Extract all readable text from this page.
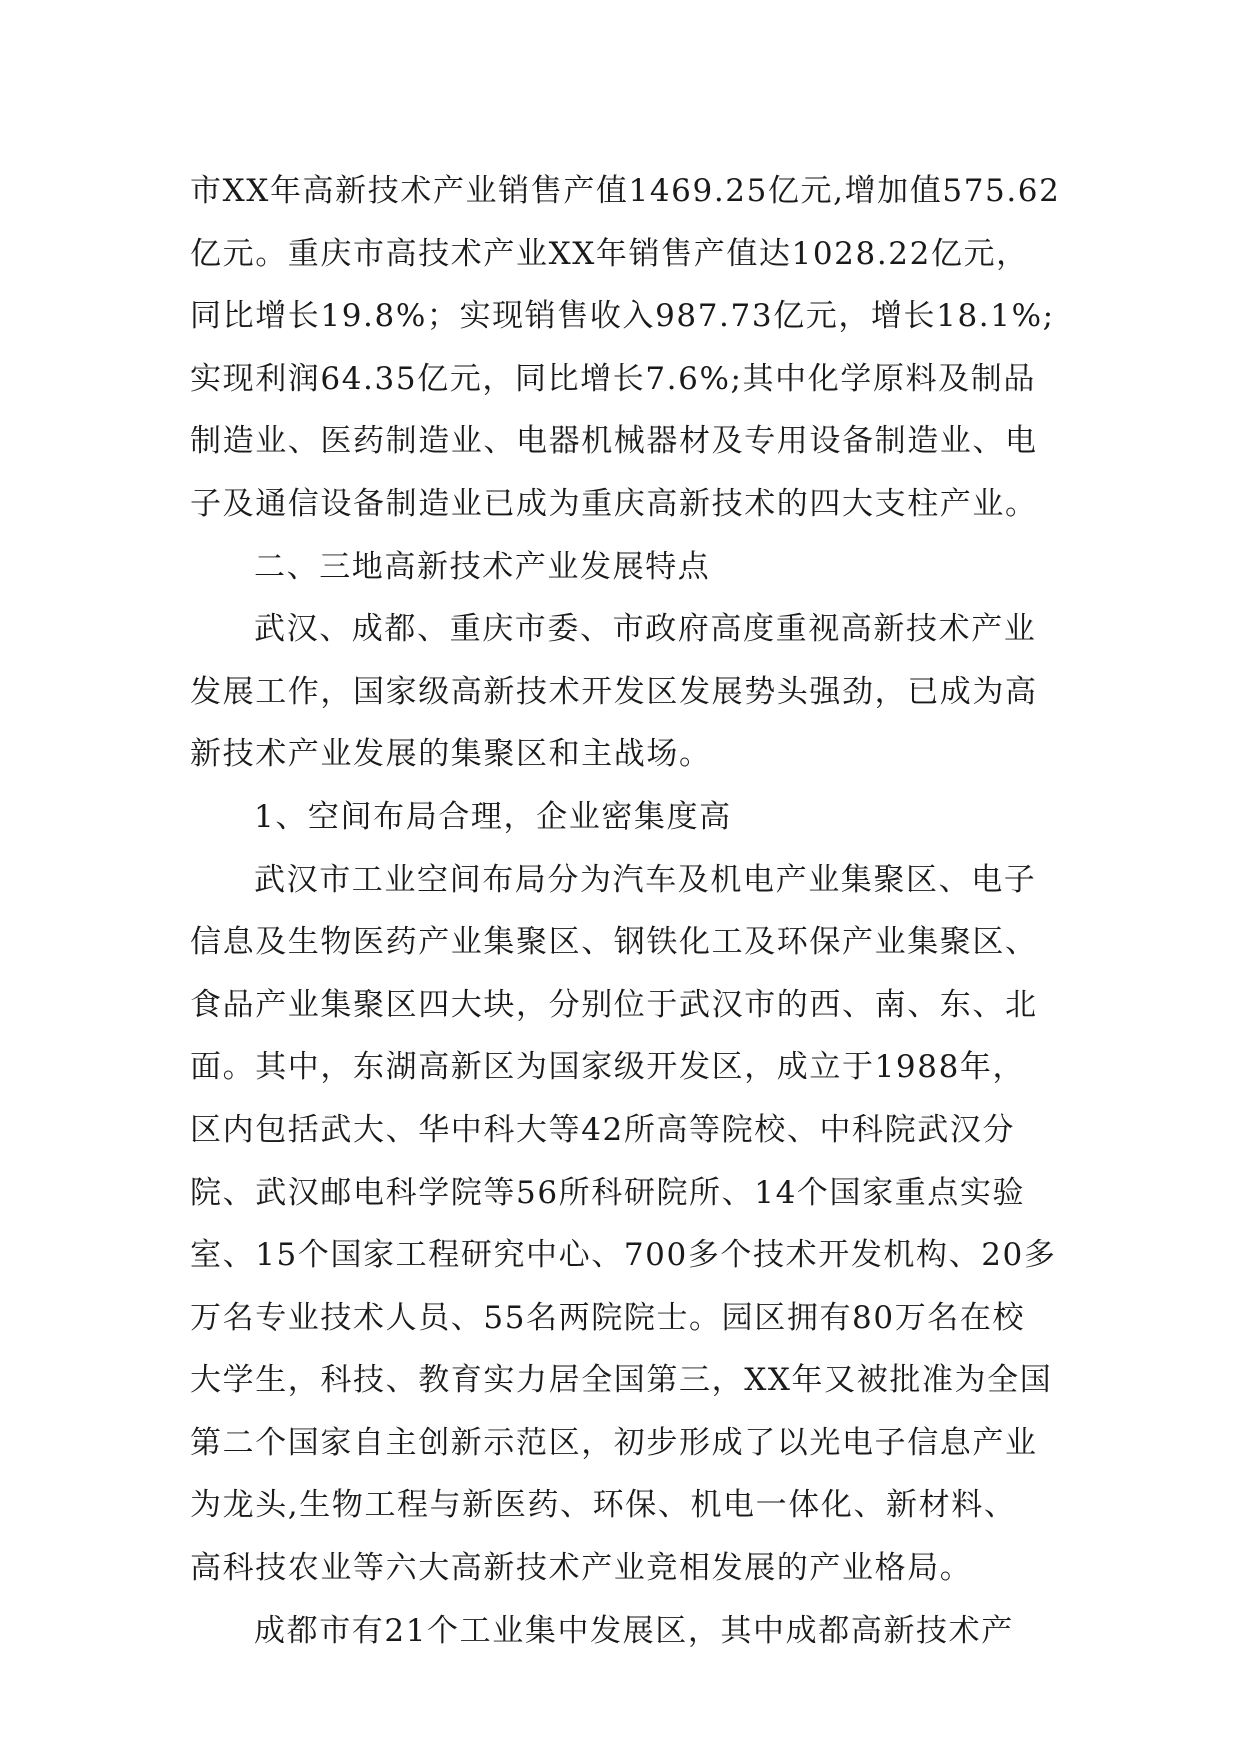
市XX年高新技术产业销售产值1469.25亿元,增加值575.62
亿元。重庆市高技术产业XX年销售产值达1028.22亿元，
同比增长19.8%；实现销售收入987.73亿元，增长18.1%;
实现利润64.35亿元，同比增长7.6%;其中化学原料及制品
制造业、医药制造业、电器机械器材及专用设备制造业、电
子及通信设备制造业已成为重庆高新技术的四大支柱产业。
二、三地高新技术产业发展特点
武汉、成都、重庆市委、市政府高度重视高新技术产业
发展工作，国家级高新技术开发区发展势头强劲，已成为高
新技术产业发展的集聚区和主战场。
1、空间布局合理，企业密集度高
武汉市工业空间布局分为汽车及机电产业集聚区、电子
信息及生物医药产业集聚区、钢铁化工及环保产业集聚区、
食品产业集聚区四大块，分别位于武汉市的西、南、东、北
面。其中，东湖高新区为国家级开发区，成立于1988年，
区内包括武大、华中科大等42所高等院校、中科院武汉分
院、武汉邮电科学院等56所科研院所、14个国家重点实验
室、15个国家工程研究中心、700多个技术开发机构、20多
万名专业技术人员、55名两院院士。园区拥有80万名在校
大学生，科技、教育实力居全国第三，XX年又被批准为全国
第二个国家自主创新示范区，初步形成了以光电子信息产业
为龙头,生物工程与新医药、环保、机电一体化、新材料、
高科技农业等六大高新技术产业竞相发展的产业格局。
成都市有21个工业集中发展区，其中成都高新技术产
